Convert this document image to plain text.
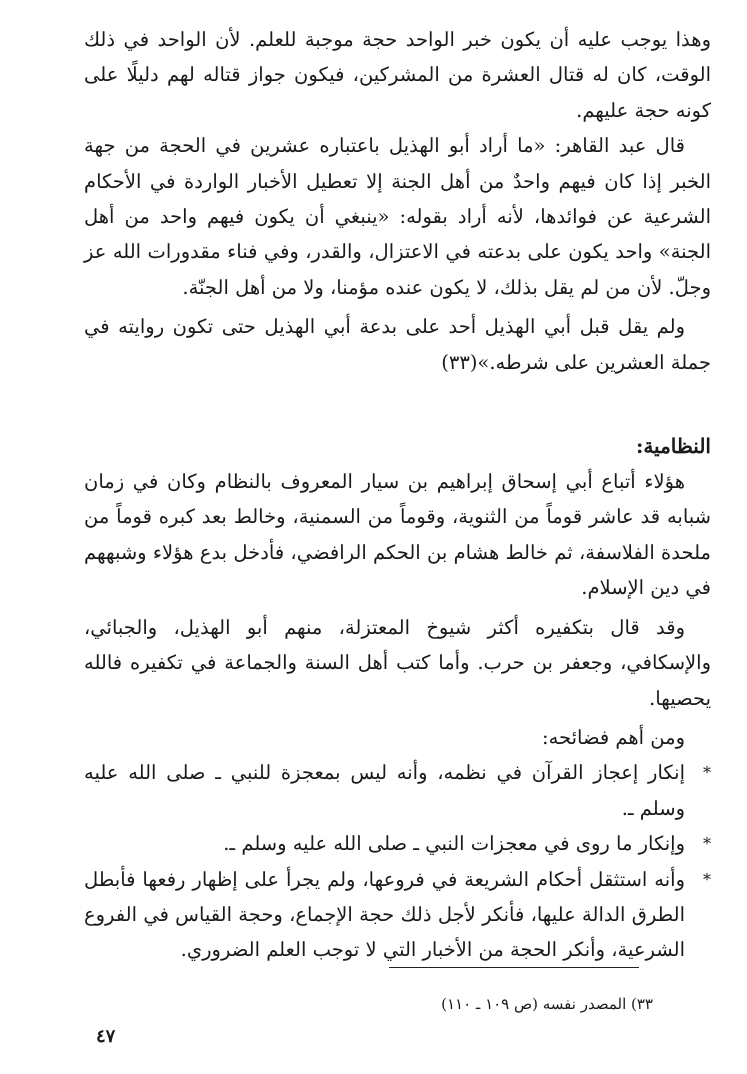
وهذا يوجب عليه أن يكون خبر الواحد حجة موجبة للعلم. لأن الواحد في ذلك الوقت، كان له قتال العشرة من المشركين، فيكون جواز قتاله لهم دليلًا على كونه حجة عليهم.

قال عبد القاهر: «ما أراد أبو الهذيل باعتباره عشرين في الحجة من جهة الخبر إذا كان فيهم واحدٌ من أهل الجنة إلا تعطيل الأخبار الواردة في الأحكام الشرعية عن فوائدها، لأنه أراد بقوله: «ينبغي أن يكون فيهم واحد من أهل الجنة» واحد يكون على بدعته في الاعتزال، والقدر، وفي فناء مقدورات الله عز وجلّ. لأن من لم يقل بذلك، لا يكون عنده مؤمنا، ولا من أهل الجنّة.

ولم يقل قبل أبي الهذيل أحد على بدعة أبي الهذيل حتى تكون روايته في جملة العشرين على شرطه.»(٣٣)

النظامية:

هؤلاء أتباع أبي إسحاق إبراهيم بن سيار المعروف بالنظام وكان في زمان شبابه قد عاشر قوماً من الثنوية، وقوماً من السمنية، وخالط بعد كبره قوماً من ملحدة الفلاسفة، ثم خالط هشام بن الحكم الرافضي، فأدخل بدع هؤلاء وشبههم في دين الإسلام.

وقد قال بتكفيره أكثر شيوخ المعتزلة، منهم أبو الهذيل، والجبائي، والإسكافي، وجعفر بن حرب. وأما كتب أهل السنة والجماعة في تكفيره فالله يحصيها.

ومن أهم فضائحه:

*
إنكار إعجاز القرآن في نظمه، وأنه ليس بمعجزة للنبي ـ صلى الله عليه وسلم ـ.
*
وإنكار ما روى في معجزات النبي ـ صلى الله عليه وسلم ـ.
*
وأنه استثقل أحكام الشريعة في فروعها، ولم يجرأ على إظهار رفعها فأبطل الطرق الدالة عليها، فأنكر لأجل ذلك حجة الإجماع، وحجة القياس في الفروع الشرعية، وأنكر الحجة من الأخبار التي لا توجب العلم الضروري.

٣٣) المصدر نفسه (ص ١٠٩ ـ ١١٠)

٤٧
